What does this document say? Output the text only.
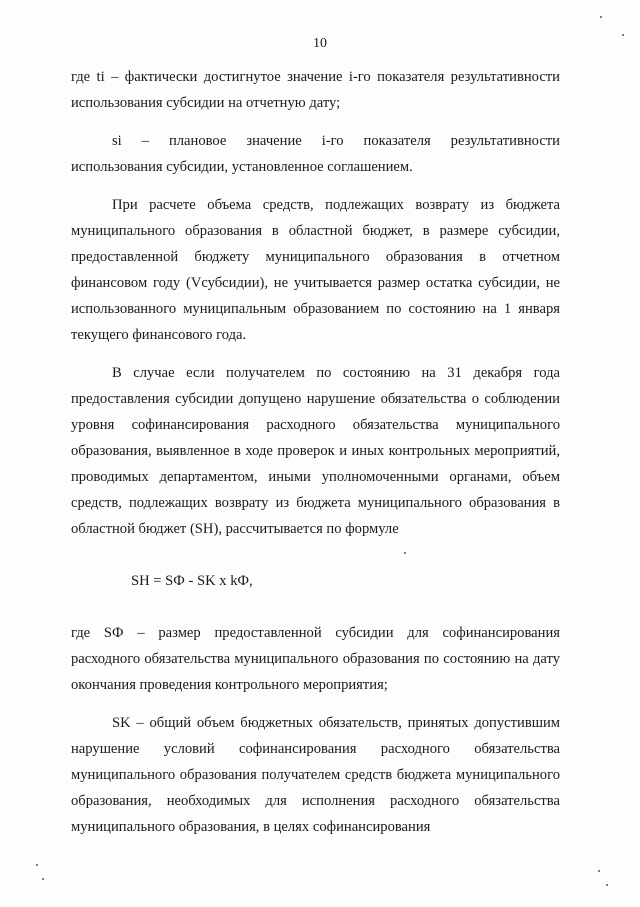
10

где ti – фактически достигнутое значение i-го показателя результативности использования субсидии на отчетную дату;

si – плановое значение i-го показателя результативности

использования субсидии, установленное соглашением.

При расчете объема средств, подлежащих возврату из бюджета муниципального образования в областной бюджет, в размере субсидии, предоставленной бюджету муниципального образования в отчетном финансовом году (Vсубсидии), не учитывается размер остатка субсидии, не использованного муниципальным образованием по состоянию на 1 января текущего финансового года.

В случае если получателем по состоянию на 31 декабря года предоставления субсидии допущено нарушение обязательства о соблюдении уровня софинансирования расходного обязательства муниципального образования, выявленное в ходе проверок и иных контрольных мероприятий, проводимых департаментом, иными уполномоченными органами, объем средств, подлежащих возврату из бюджета муниципального образования в областной бюджет (SН), рассчитывается по формуле

SН = SФ - SK x kФ,

где SФ – размер предоставленной субсидии для софинансирования расходного обязательства муниципального образования по состоянию на дату окончания проведения контрольного мероприятия;

SK – общий объем бюджетных обязательств, принятых допустившим нарушение условий софинансирования расходного обязательства муниципального образования получателем средств бюджета муниципального образования, необходимых для исполнения расходного обязательства муниципального образования, в целях софинансирования
